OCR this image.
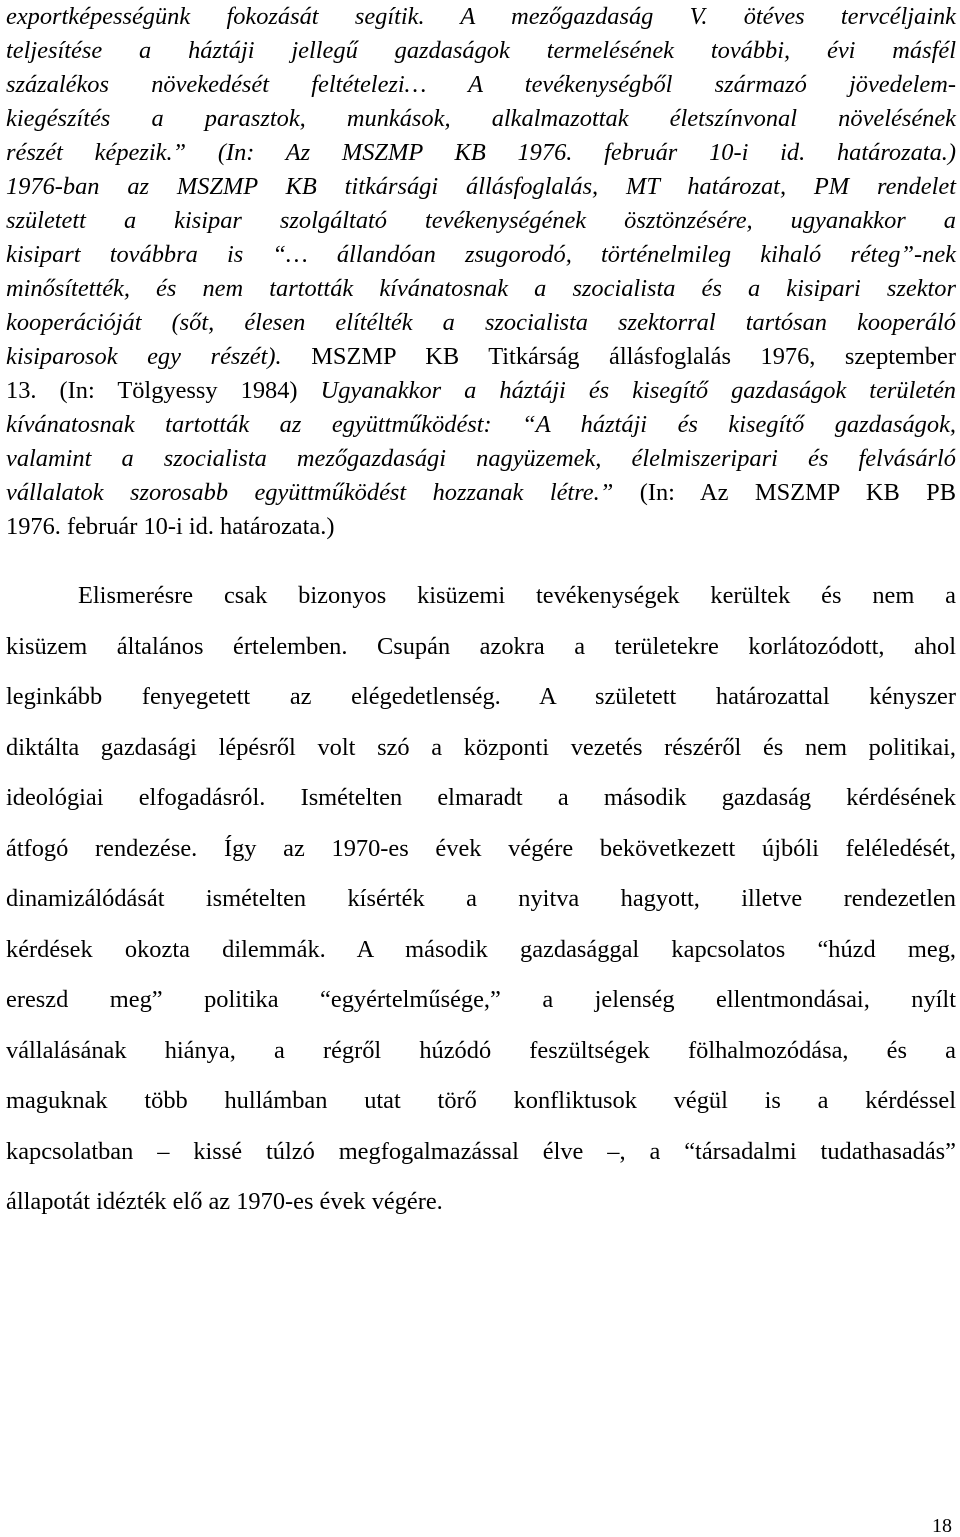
exportképességünk fokozását segítik. A mezőgazdaság V. ötéves tervcéljaink
teljesítése a háztáji jellegű gazdaságok termelésének további, évi másfél
százalékos növekedését feltételezi… A tevékenységből származó jövedelem-
kiegészítés a parasztok, munkások, alkalmazottak életszínvonal növelésének
részét képezik.” (In: Az MSZMP KB 1976. február 10-i id. határozata.)
1976-ban az MSZMP KB titkársági állásfoglalás, MT határozat, PM rendelet
született a kisipar szolgáltató tevékenységének ösztönzésére, ugyanakkor a
kisipart továbbra is “… állandóan zsugorodó, történelmileg kihaló réteg”-nek
minősítették, és nem tartották kívánatosnak a szocialista és a kisipari szektor
kooperációját (sőt, élesen elítélték a szocialista szektorral tartósan kooperáló
kisiparosok egy részét). MSZMP KB Titkárság állásfoglalás 1976, szeptember
13. (In: Tölgyessy 1984) Ugyanakkor a háztáji és kisegítő gazdaságok területén
kívánatosnak tartották az együttműködést: “A háztáji és kisegítő gazdaságok,
valamint a szocialista mezőgazdasági nagyüzemek, élelmiszeripari és felvásárló
vállalatok szorosabb együttműködést hozzanak létre.” (In: Az MSZMP KB PB
1976. február 10-i id. határozata.)
Elismerésre csak bizonyos kisüzemi tevékenységek kerültek és nem a
kisüzem általános értelemben. Csupán azokra a területekre korlátozódott, ahol
leginkább fenyegetett az elégedetlenség. A született határozattal kényszer
diktálta gazdasági lépésről volt szó a központi vezetés részéről és nem politikai,
ideológiai elfogadásról. Ismételten elmaradt a második gazdaság kérdésének
átfogó rendezése. Így az 1970-es évek végére bekövetkezett újbóli feléledését,
dinamizálódását ismételten kísérték a nyitva hagyott, illetve rendezetlen
kérdések okozta dilemmák. A második gazdasággal kapcsolatos “húzd meg,
ereszd meg” politika “egyértelműsége,” a jelenség ellentmondásai, nyílt
vállalásának hiánya, a régről húzódó feszültségek fölhalmozódása, és a
maguknak több hullámban utat törő konfliktusok végül is a kérdéssel
kapcsolatban – kissé túlzó megfogalmazással élve –, a “társadalmi tudathasadás”
állapotát idézték elő az 1970-es évek végére.
18
